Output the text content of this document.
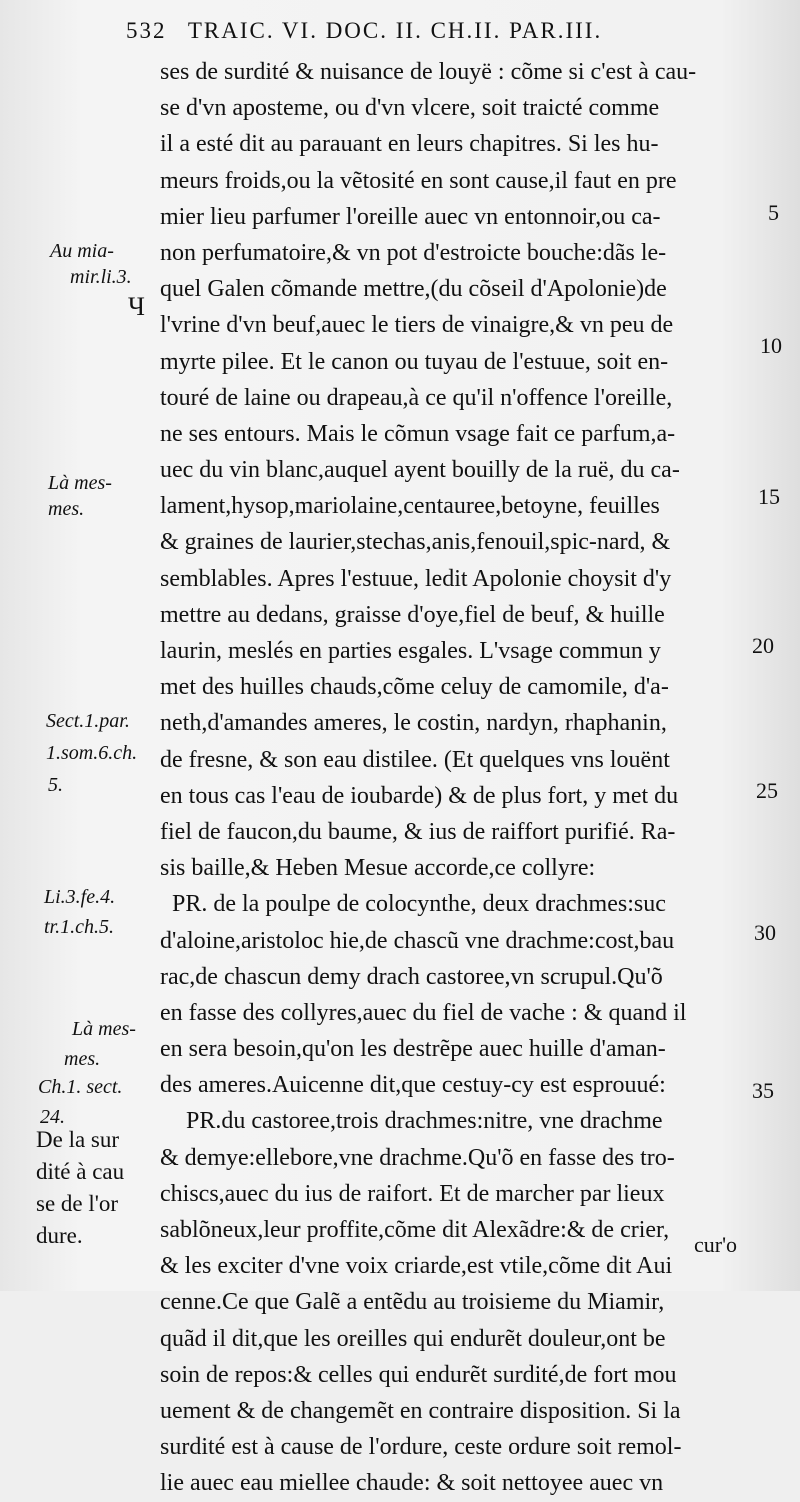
532 TRAIC. VI. DOC. II. CH.II. PAR.III.
ses de surdité & nuisance de louyë : cõme si c'est à cau-
se d'vn aposteme, ou d'vn vlcere, soit traicté comme
il a esté dit au parauant en leurs chapitres. Si les hu-
meurs froids,ou la vẽtosité en sont cause,il faut en pre
mier lieu parfumer l'oreille auec vn entonnoir,ou ca-
non perfumatoire,& vn pot d'estroicte bouche:dãs le-
quel Galen cõmande mettre,(du cõseil d'Apolonie)de
l'vrine d'vn beuf,auec le tiers de vinaigre,& vn peu de
myrte pilee. Et le canon ou tuyau de l'estuue, soit en-
touré de laine ou drapeau,à ce qu'il n'offence l'oreille,
ne ses entours. Mais le cõmun vsage fait ce parfum,a-
uec du vin blanc,auquel ayent bouilly de la ruë, du ca-
lament,hysop,mariolaine,centauree,betoyne, feuilles
& graines de laurier,stechas,anis,fenouil,spic-nard, &
semblables. Apres l'estuue, ledit Apolonie choysit d'y
mettre au dedans, graisse d'oye,fiel de beuf, & huille
laurin, meslés en parties esgales. L'vsage commun y
met des huilles chauds,cõme celuy de camomile, d'a-
neth,d'amandes ameres, le costin, nardyn, rhaphanin,
de fresne, & son eau distilee. (Et quelques vns louënt
en tous cas l'eau de ioubarde) & de plus fort, y met du
fiel de faucon,du baume, & ius de raiffort purifié. Ra-
sis baille,& Heben Mesue accorde,ce collyre:
PR. de la poulpe de colocynthe, deux drachmes:suc
d'aloine,aristoloc hie,de chascũ vne drachme:cost,bau
rac,de chascun demy drach castoree,vn scrupul.Qu'õ
en fasse des collyres,auec du fiel de vache : & quand il
en sera besoin,qu'on les destrẽpe auec huille d'aman-
des ameres.Auicenne dit,que cestuy-cy est esprouué:
PR.du castoree,trois drachmes:nitre, vne drachme
& demye:ellebore,vne drachme.Qu'õ en fasse des tro-
chiscs,auec du ius de raifort. Et de marcher par lieux
sablõneux,leur proffite,cõme dit Alexãdre:& de crier,
& les exciter d'vne voix criarde,est vtile,cõme dit Aui
cenne.Ce que Galẽ a entẽdu au troisieme du Miamir,
quãd il dit,que les oreilles qui endurẽt douleur,ont be
soin de repos:& celles qui endurẽt surdité,de fort mou
uement & de changemẽt en contraire disposition. Si la
surdité est à cause de l'ordure, ceste ordure soit remol-
lie auec eau miellee chaude: & soit nettoyee auec vn
cur'o
Au mia-
mir.li.3.
Ч
Là mes-
mes.
Sect.1.par.
1.som.6.ch.
5.
Li.3.fe.4.
tr.1.ch.5.
Là mes-
mes.
Ch.1. sect.
24.
De la sur
dité à cau
se de l'or
dure.
5
10
15
20
25
30
35
